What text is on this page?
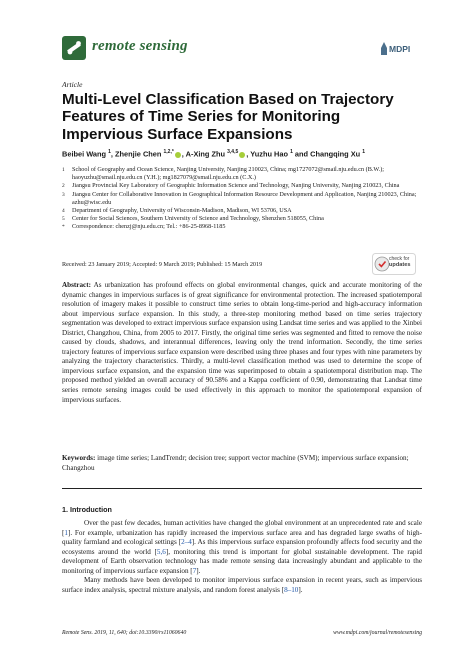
remote sensing	MDPI
Article
Multi-Level Classification Based on Trajectory Features of Time Series for Monitoring Impervious Surface Expansions
Beibei Wang $^1$, Zhenjie Chen $^{1,2,*}$ , A-Xing Zhu $^{3,4,5}$ , Yuzhu Hao $^1$ and Changqing Xu $^1$
1 School of Geography and Ocean Science, Nanjing University, Nanjing 210023, China; mg1727072@smail.nju.edu.cn (B.W.); haoyuzhu@smail.nju.edu.cn (Y.H.); mg1827079@smail.nju.edu.cn (C.X.)
2 Jiangsu Provincial Key Laboratory of Geographic Information Science and Technology, Nanjing University, Nanjing 210023, China
3 Jiangsu Center for Collaborative Innovation in Geographical Information Resource Development and Application, Nanjing 210023, China; azhu@wisc.edu
4 Department of Geography, University of Wisconsin-Madison, Madison, WI 53706, USA
5 Center for Social Sciences, Southern University of Science and Technology, Shenzhen 518055, China
* Correspondence: chenzj@nju.edu.cn; Tel.: +86-25-8968-1185
Received: 23 January 2019; Accepted: 9 March 2019; Published: 15 March 2019
check for
updates
Abstract: As urbanization has profound effects on global environmental changes, quick and accurate monitoring of the dynamic changes in impervious surfaces is of great significance for environmental protection. The increased spatiotemporal resolution of imagery makes it possible to construct time series to obtain long-time-period and high-accuracy information about impervious surface expansion. In this study, a three-step monitoring method based on time series trajectory segmentation was developed to extract impervious surface expansion using Landsat time series and was applied to the Xinbei District, Changzhou, China, from 2005 to 2017. Firstly, the original time series was segmented and fitted to remove the noise caused by clouds, shadows, and interannual differences, leaving only the trend information. Secondly, the time series trajectory features of impervious surface expansion were described using three phases and four types with nine parameters by analyzing the trajectory characteristics. Thirdly, a multi-level classification method was used to determine the scope of impervious surface expansion, and the expansion time was superimposed to obtain a spatiotemporal distribution map. The proposed method yielded an overall accuracy of 90.58% and a Kappa coefficient of 0.90, demonstrating that Landsat time series remote sensing images could be used effectively in this approach to monitor the spatiotemporal expansion of impervious surfaces.
Keywords: image time series; LandTrendr; decision tree; support vector machine (SVM); impervious surface expansion; Changzhou
1. Introduction

Over the past few decades, human activities have changed the global environment at an unprecedented rate and scale [1]. For example, urbanization has rapidly increased the impervious surface area and has degraded large swaths of high-quality farmland and ecological settings [2–4]. As this impervious surface expansion profoundly affects food security and the ecosystems around the world [5,6], monitoring this trend is important for global sustainable development. The rapid development of Earth observation technology has made remote sensing data increasingly abundant and applicable to the monitoring of impervious surface expansion [7].

Many methods have been developed to monitor impervious surface expansion in recent years, such as impervious surface index analysis, spectral mixture analysis, and random forest analysis [8–10].

Remote Sens. 2019, 11, 640; doi:10.3390/rs11060640	www.mdpi.com/journal/remotesensing
